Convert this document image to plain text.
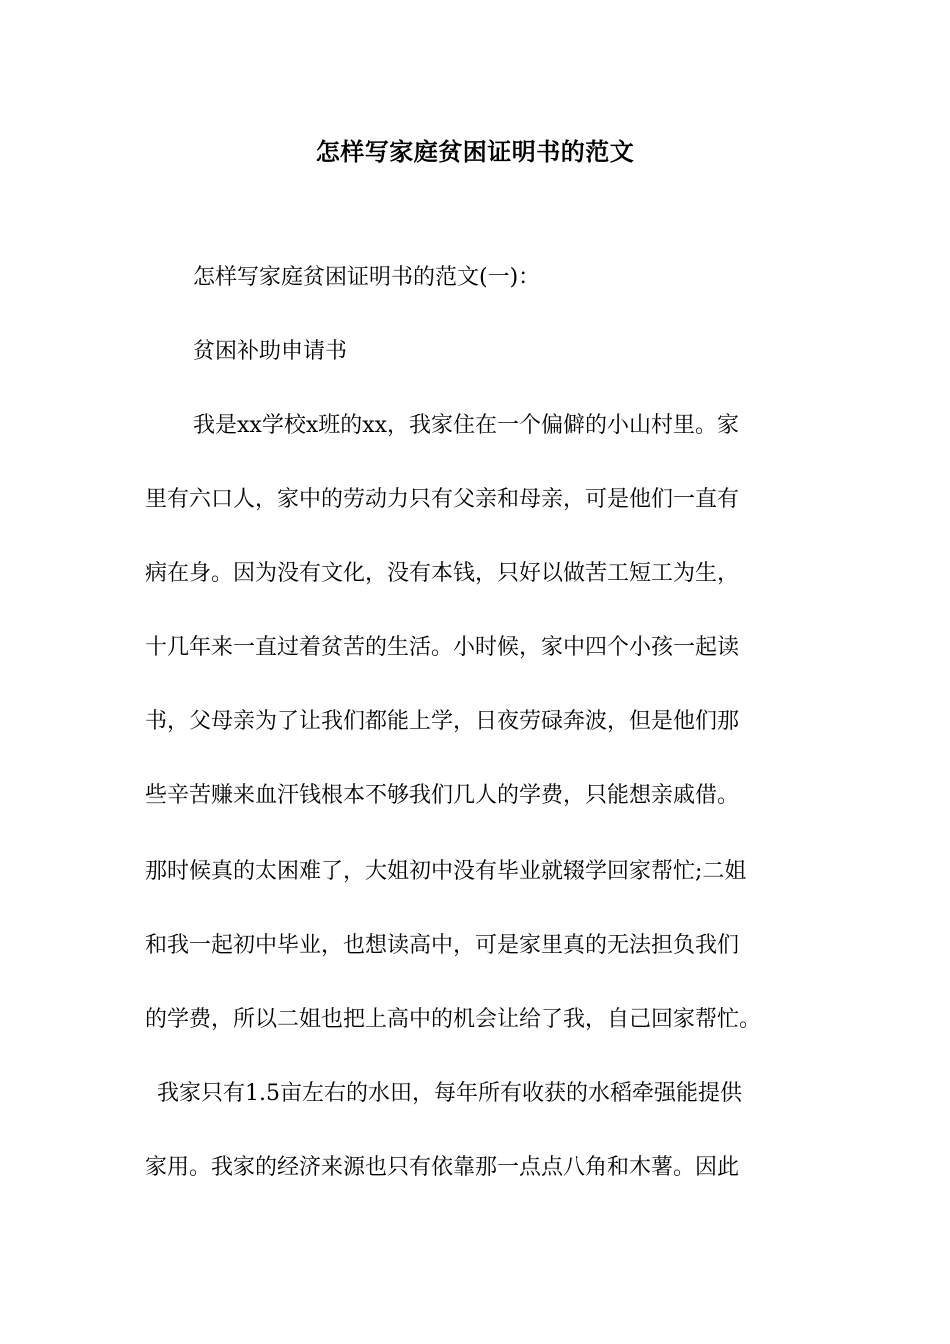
怎样写家庭贫困证明书的范文
怎样写家庭贫困证明书的范文(一)：
贫困补助申请书
我是xx学校x班的xx，我家住在一个偏僻的小山村里。家
里有六口人，家中的劳动力只有父亲和母亲，可是他们一直有
病在身。因为没有文化，没有本钱，只好以做苦工短工为生，
十几年来一直过着贫苦的生活。小时候，家中四个小孩一起读
书，父母亲为了让我们都能上学，日夜劳碌奔波，但是他们那
些辛苦赚来血汗钱根本不够我们几人的学费，只能想亲戚借。
那时候真的太困难了，大姐初中没有毕业就辍学回家帮忙;二姐
和我一起初中毕业，也想读高中，可是家里真的无法担负我们
的学费，所以二姐也把上高中的机会让给了我，自己回家帮忙。
我家只有1.5亩左右的水田，每年所有收获的水稻牵强能提供
家用。我家的经济来源也只有依靠那一点点八角和木薯。因此
